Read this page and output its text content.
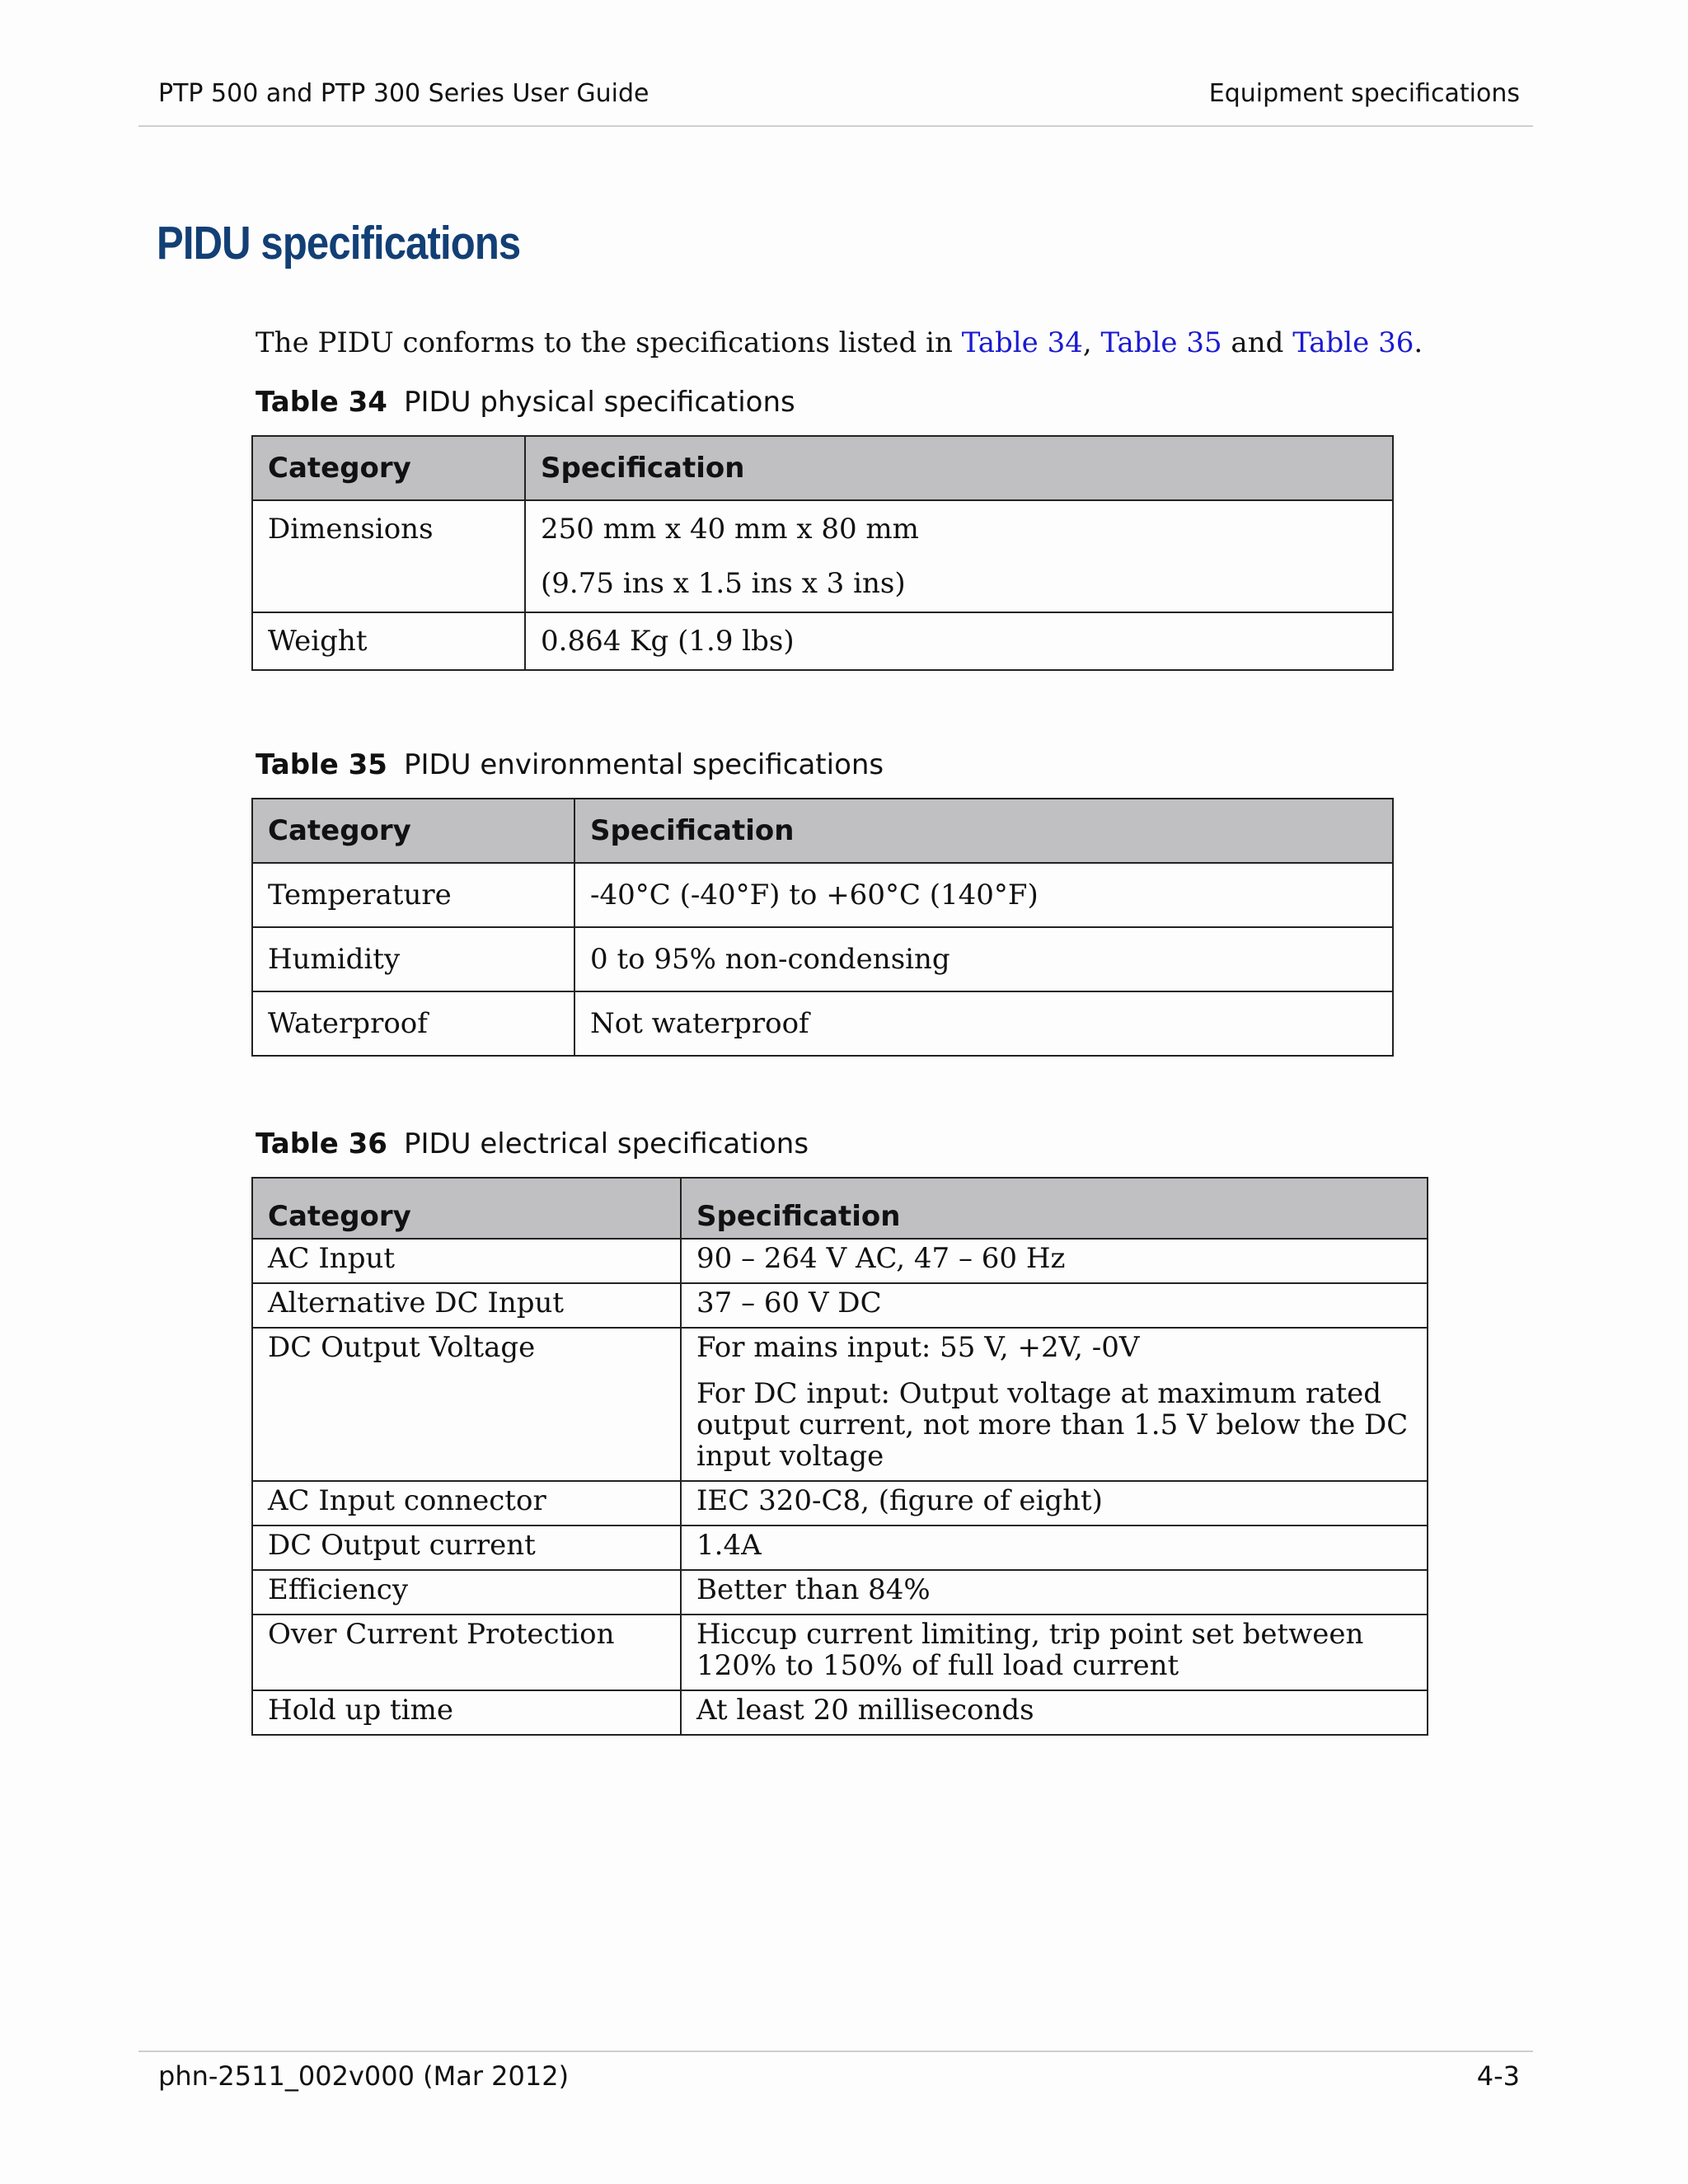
PTP 500 and PTP 300 Series User Guide	Equipment specifications
PIDU specifications

The PIDU conforms to the specifications listed in Table 34, Table 35 and Table 36.

Table 34 PIDU physical specifications
Category	Specification
Dimensions	250 mm x 40 mm x 80 mm
(9.75 ins x 1.5 ins x 3 ins)

Weight	0.864 Kg (1.9 lbs)
Table 35 PIDU environmental specifications
Category	Specification
Temperature	-40°C (-40°F) to +60°C (140°F)

Humidity	0 to 95% non-condensing

Waterproof	Not waterproof
Table 36 PIDU electrical specifications
Category	Specification
AC Input	90 – 264 V AC, 47 – 60 Hz

Alternative DC Input	37 – 60 V DC

DC Output Voltage	For mains input: 55 V, +2V, -0V
For DC input: Output voltage at maximum rated output current, not more than 1.5 V below the DC input voltage

AC Input connector	IEC 320-C8, (figure of eight)

DC Output current	1.4A

Efficiency	Better than 84%

Over Current Protection	Hiccup current limiting, trip point set between 120% to 150% of full load current

Hold up time	At least 20 milliseconds
phn-2511_002v000 (Mar 2012)	4-3
